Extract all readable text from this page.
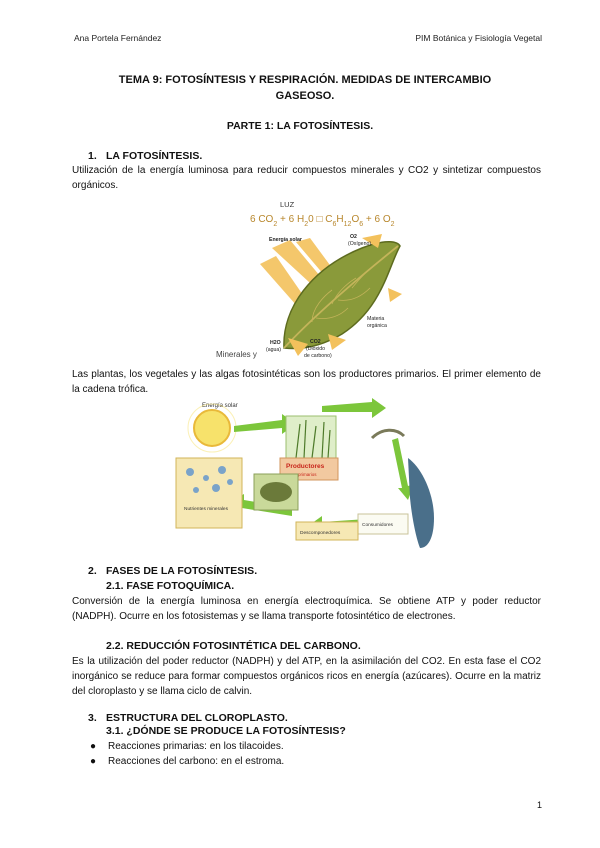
Ana Portela Fernández	PIM Botánica y Fisiología Vegetal
TEMA 9: FOTOSÍNTESIS Y RESPIRACIÓN. MEDIDAS DE INTERCAMBIO
GASEOSO.
PARTE 1: LA FOTOSÍNTESIS.
1. LA FOTOSÍNTESIS.
Utilización de la energía luminosa para reducir compuestos minerales y CO2 y sintetizar compuestos orgánicos.
LUZ
6 $CO_2 + 6$ $H_20$ □ $C_6H_{12}O_6 + 6$ $O_2$
Energía solar	O2
(Oxígeno)
Materia
orgánica
H2O
(agua)
CO2
(Dióxido
de carbono)
Minerales y
Las plantas, los vegetales y las algas fotosintéticas son los productores primarios. El primer elemento de la cadena trófica.
Energía solar
Productores
primarios
Nutrientes minerales
Consumidores
Descomponedores
2. FASES DE LA FOTOSÍNTESIS.
2.1. FASE FOTOQUÍMICA.
Conversión de la energía luminosa en energía electroquímica. Se obtiene ATP y poder reductor (NADPH). Ocurre en los fotosistemas y se llama transporte fotosintético de electrones.
2.2. REDUCCIÓN FOTOSINTÉTICA DEL CARBONO.
Es la utilización del poder reductor (NADPH) y del ATP, en la asimilación del CO2. En esta fase el CO2 inorgánico se reduce para formar compuestos orgánicos ricos en energía (azúcares). Ocurre en la matriz del cloroplasto y se llama ciclo de calvin.
3. ESTRUCTURA DEL CLOROPLASTO.
3.1. ¿DÓNDE SE PRODUCE LA FOTOSÍNTESIS?
● Reacciones primarias: en los tilacoides.
● Reacciones del carbono: en el estroma.
1
